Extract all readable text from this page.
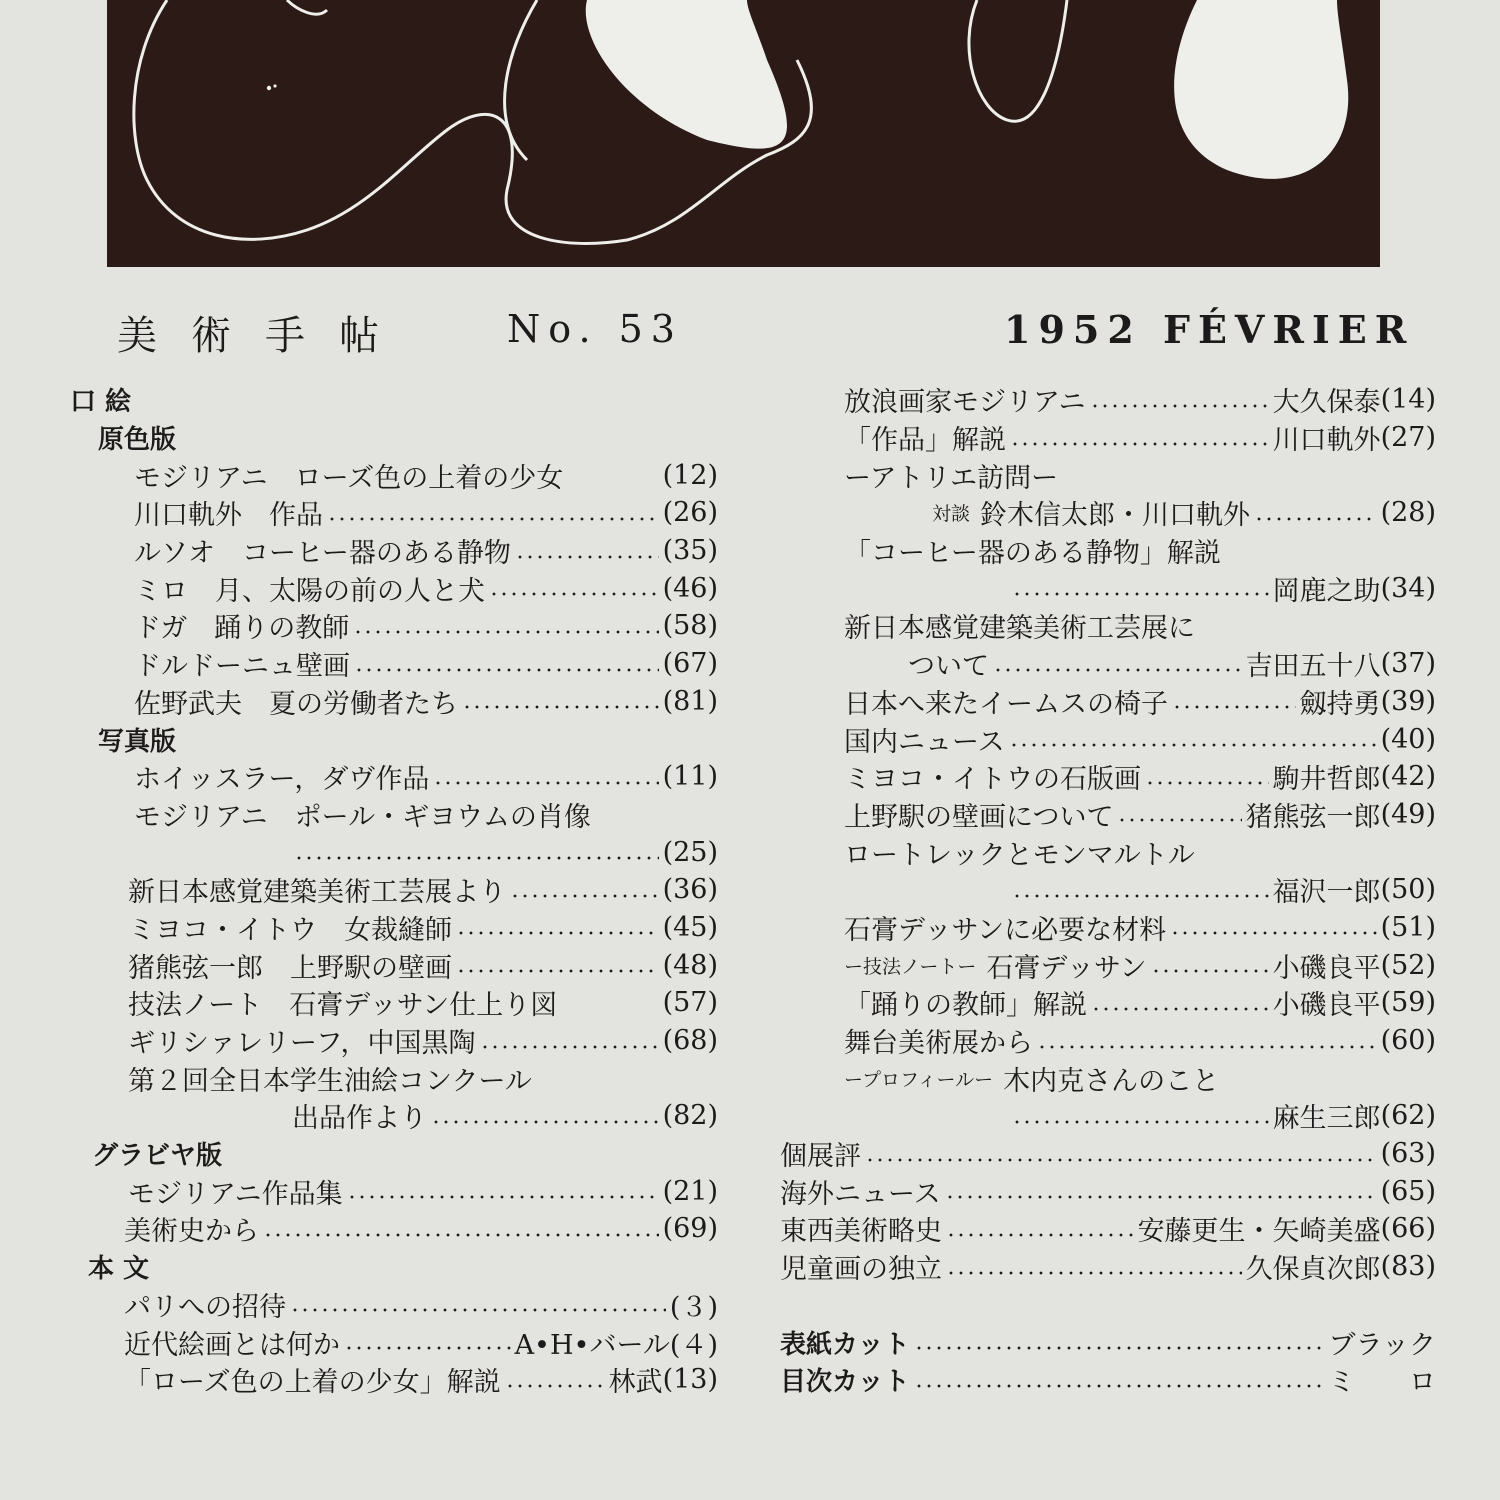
美術手帖 No. 53	1952 FÉVRIER
口 絵
原色版
モジリアニ　ローズ色の上着の少女	(12)
川口軌外　作品	(26)
ルソオ　コーヒー器のある静物	(35)
ミロ　月、太陽の前の人と犬	(46)
ドガ　踊りの教師	(58)
ドルドーニュ壁画	(67)
佐野武夫　夏の労働者たち	(81)
写真版
ホイッスラー，ダヴ作品	(11)
モジリアニ　ポール・ギヨウムの肖像
(25)
新日本感覚建築美術工芸展より	(36)
ミヨコ・イトウ　女裁縫師	(45)
猪熊弦一郎　上野駅の壁画	(48)
技法ノート　石膏デッサン仕上り図	(57)
ギリシァレリーフ，中国黒陶	(68)
第２回全日本学生油絵コンクール
出品作より	(82)
グラビヤ版
モジリアニ作品集	(21)
美術史から	(69)
本 文
パリへの招待	(３)
近代絵画とは何か	A•H•バール (４)
「ローズ色の上着の少女」解説	林武 (13)
放浪画家モジリアニ	大久保泰 (14)
「作品」解説	川口軌外 (27)
ーアトリエ訪問ー
対談 鈴木信太郎・川口軌外	(28)
「コーヒー器のある静物」解説
岡鹿之助 (34)
新日本感覚建築美術工芸展に
ついて	吉田五十八 (37)
日本へ来たイームスの椅子	劔持勇 (39)
国内ニュース	(40)
ミヨコ・イトウの石版画	駒井哲郎 (42)
上野駅の壁画について	猪熊弦一郎 (49)
ロートレックとモンマルトル
福沢一郎 (50)
石膏デッサンに必要な材料	(51)
ー技法ノートー 石膏デッサン	小磯良平 (52)
「踊りの教師」解説	小磯良平 (59)
舞台美術展から	(60)
ープロフィールー 木内克さんのこと
麻生三郎 (62)
個展評	(63)
海外ニュース	(65)
東西美術略史	安藤更生・矢崎美盛 (66)
児童画の独立	久保貞次郎 (83)
表紙カット	ブラック
目次カット	ミ　　ロ
